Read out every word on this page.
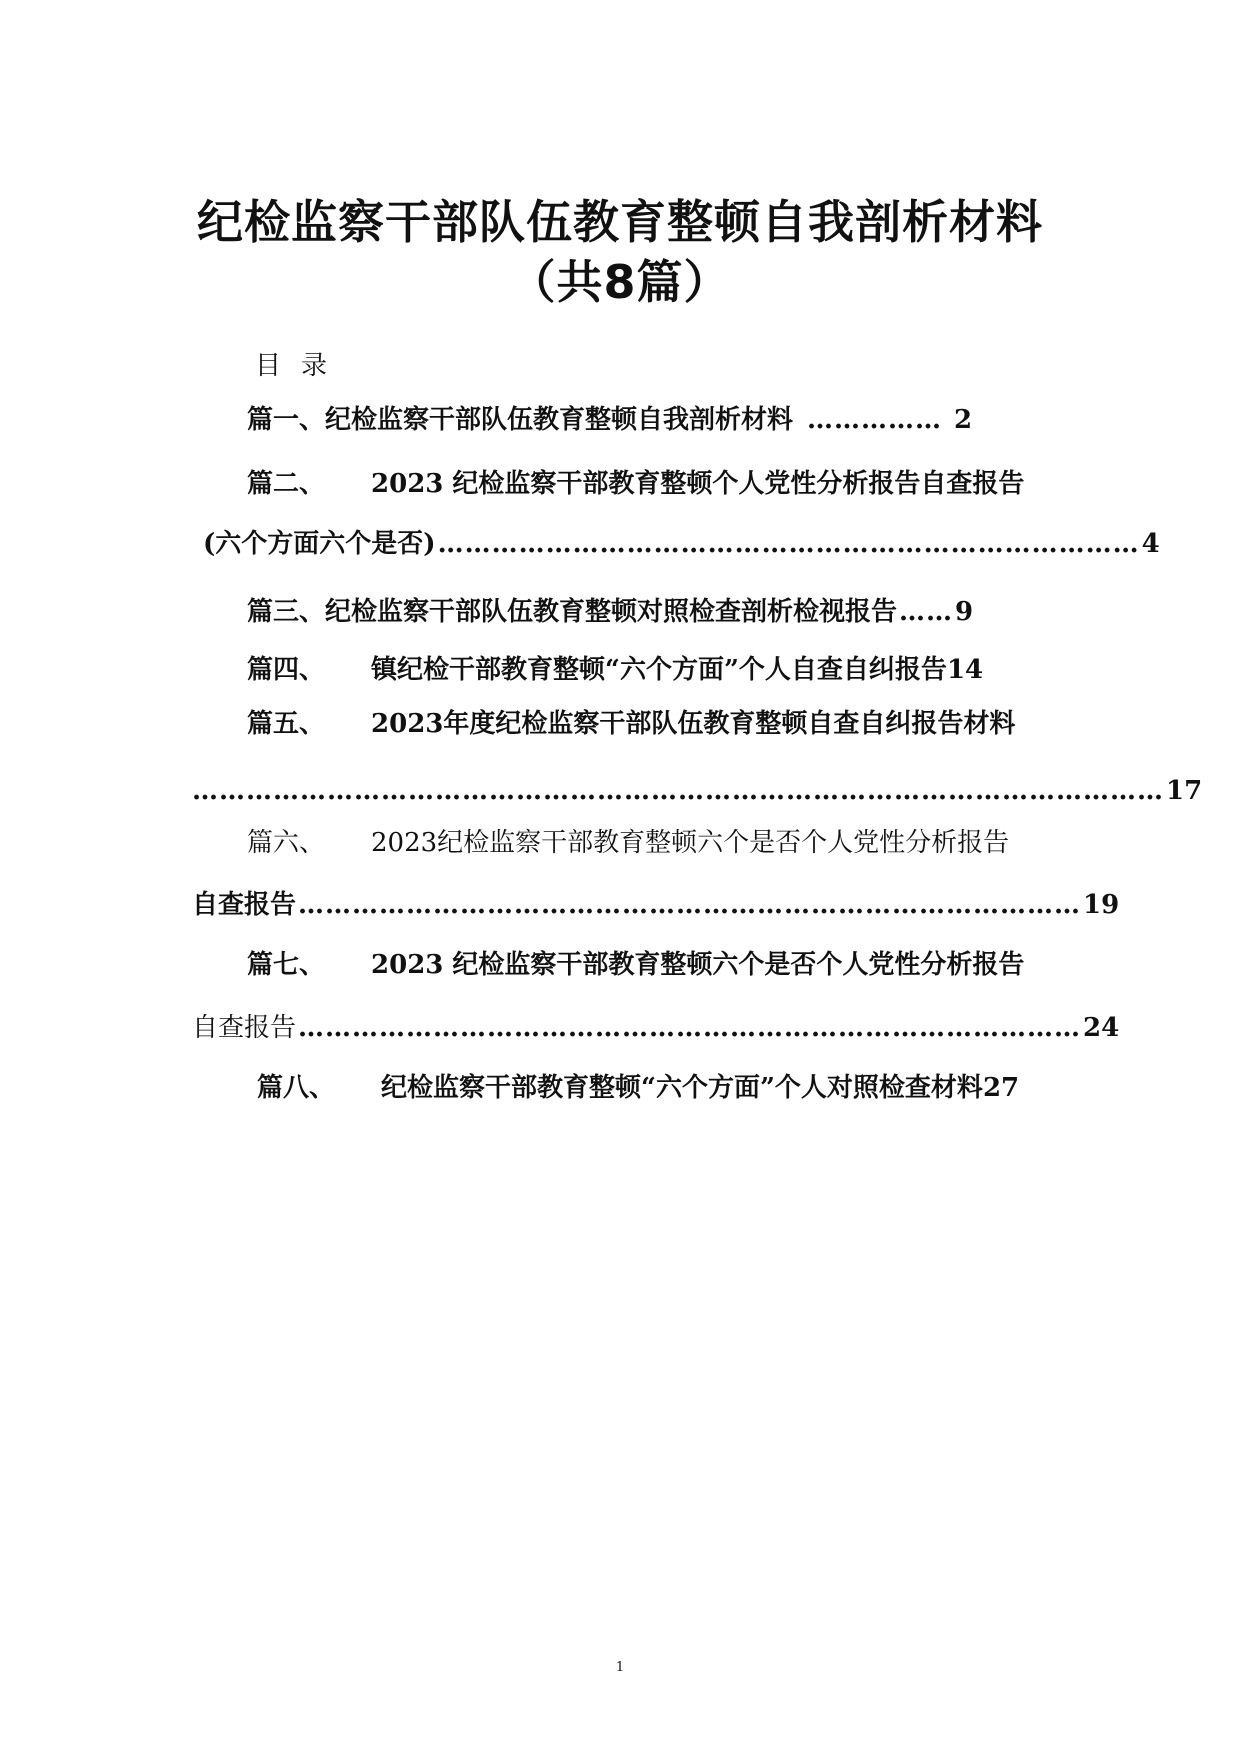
纪检监察干部队伍教育整顿自我剖析材料
（共8篇）
目录
篇一、 纪检监察干部队伍教育整顿自我剖析材料 …………… 2
篇二、 2023 纪检监察干部教育整顿个人党性分析报告自查报告
(六个方面六个是否) …………………………………………………………………… 4
篇三、 纪检监察干部队伍教育整顿对照检查剖析检视报告 …… 9
篇四、 镇纪检干部教育整顿“六个方面”个人自查自纠报告 14
篇五、 2023年度纪检监察干部队伍教育整顿自查自纠报告材料
……………………………………………………………………………………………… 17
篇六、 2023纪检监察干部教育整顿六个是否个人党性分析报告
自查报告 …………………………………………………………………………… 19
篇七、 2023 纪检监察干部教育整顿六个是否个人党性分析报告
自查报告 …………………………………………………………………………… 24
篇八、 纪检监察干部教育整顿“六个方面”个人对照检查材料 27
1
